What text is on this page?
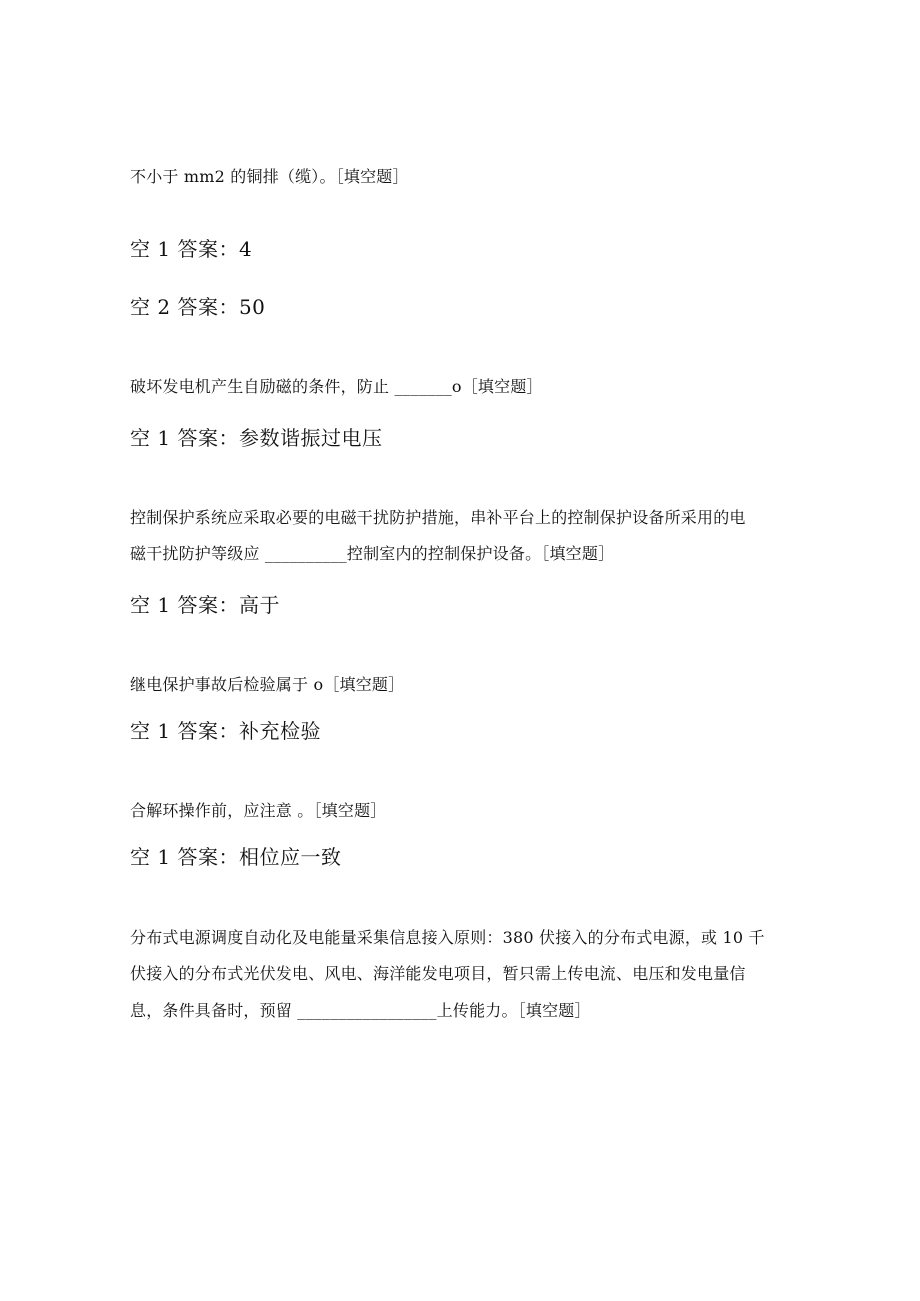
不小于 mm2 的铜排（缆）。［填空题］
空 1 答案：4
空 2 答案：50
破坏发电机产生自励磁的条件，防止 _______o［填空题］
空 1 答案：参数谐振过电压
控制保护系统应采取必要的电磁干扰防护措施，串补平台上的控制保护设备所采用的电
磁干扰防护等级应 __________控制室内的控制保护设备。［填空题］
空 1 答案：高于
继电保护事故后检验属于 o［填空题］
空 1 答案：补充检验
合解环操作前，应注意 。［填空题］
空 1 答案：相位应一致
分布式电源调度自动化及电能量采集信息接入原则：380 伏接入的分布式电源，或 10 千
伏接入的分布式光伏发电、风电、海洋能发电项目，暂只需上传电流、电压和发电量信
息，条件具备时，预留 _________________上传能力。［填空题］
